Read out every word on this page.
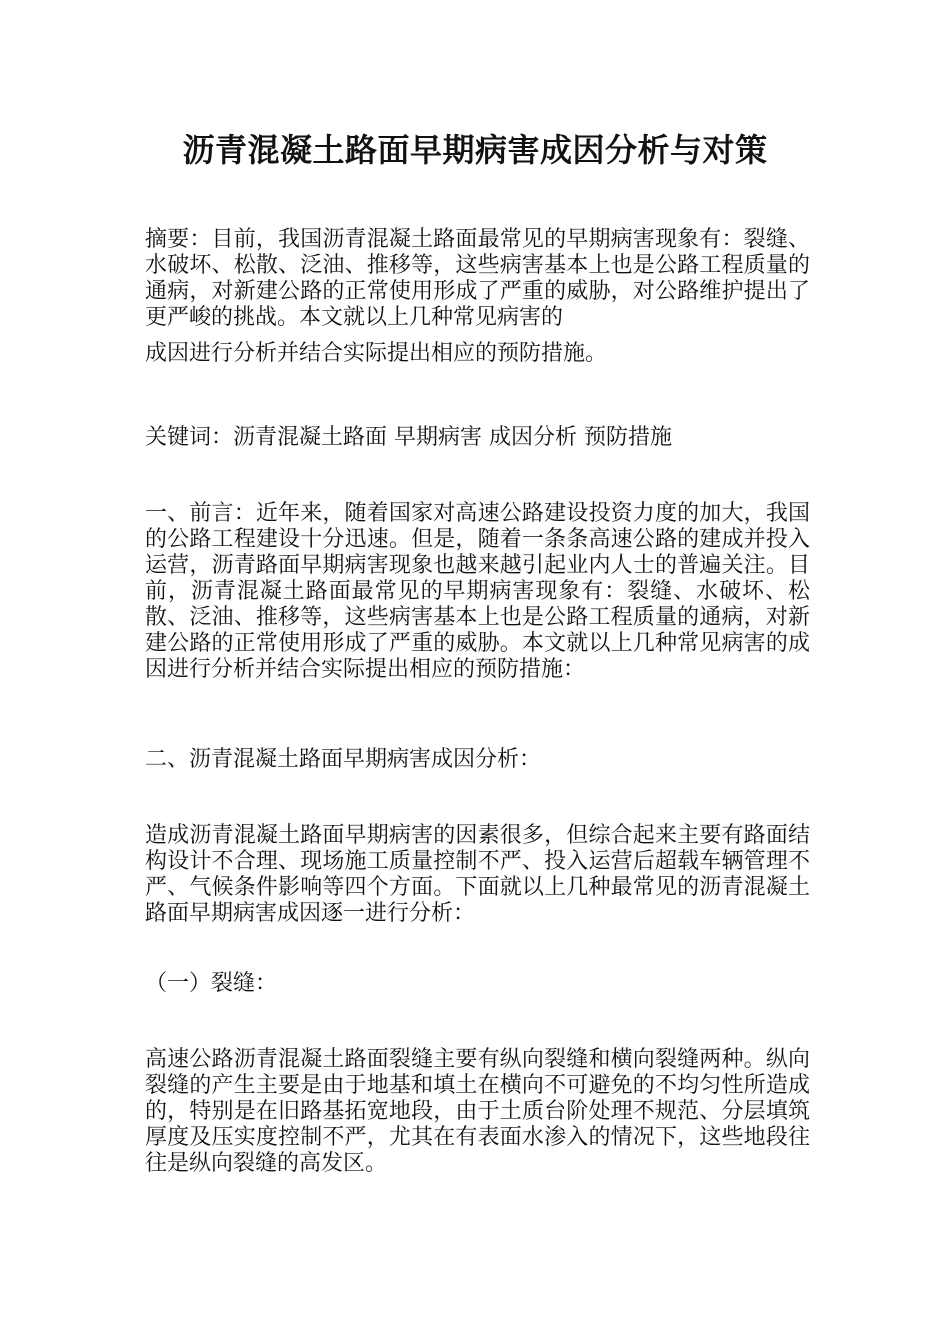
沥青混凝土路面早期病害成因分析与对策

摘要：目前，我国沥青混凝土路面最常见的早期病害现象有：裂缝、水破坏、松散、泛油、推移等，这些病害基本上也是公路工程质量的通病，对新建公路的正常使用形成了严重的威胁，对公路维护提出了更严峻的挑战。本文就以上几种常见病害的
成因进行分析并结合实际提出相应的预防措施。

关键词：沥青混凝土路面 早期病害 成因分析 预防措施

一、前言：近年来，随着国家对高速公路建设投资力度的加大，我国的公路工程建设十分迅速。但是，随着一条条高速公路的建成并投入运营，沥青路面早期病害现象也越来越引起业内人士的普遍关注。目前，沥青混凝土路面最常见的早期病害现象有：裂缝、水破坏、松散、泛油、推移等，这些病害基本上也是公路工程质量的通病，对新建公路的正常使用形成了严重的威胁。本文就以上几种常见病害的成因进行分析并结合实际提出相应的预防措施：

二、沥青混凝土路面早期病害成因分析：

造成沥青混凝土路面早期病害的因素很多，但综合起来主要有路面结构设计不合理、现场施工质量控制不严、投入运营后超载车辆管理不严、气候条件影响等四个方面。下面就以上几种最常见的沥青混凝土路面早期病害成因逐一进行分析：

（一）裂缝：

高速公路沥青混凝土路面裂缝主要有纵向裂缝和横向裂缝两种。纵向裂缝的产生主要是由于地基和填土在横向不可避免的不均匀性所造成的，特别是在旧路基拓宽地段，由于土质台阶处理不规范、分层填筑厚度及压实度控制不严，尤其在有表面水渗入的情况下，这些地段往往是纵向裂缝的高发区。
